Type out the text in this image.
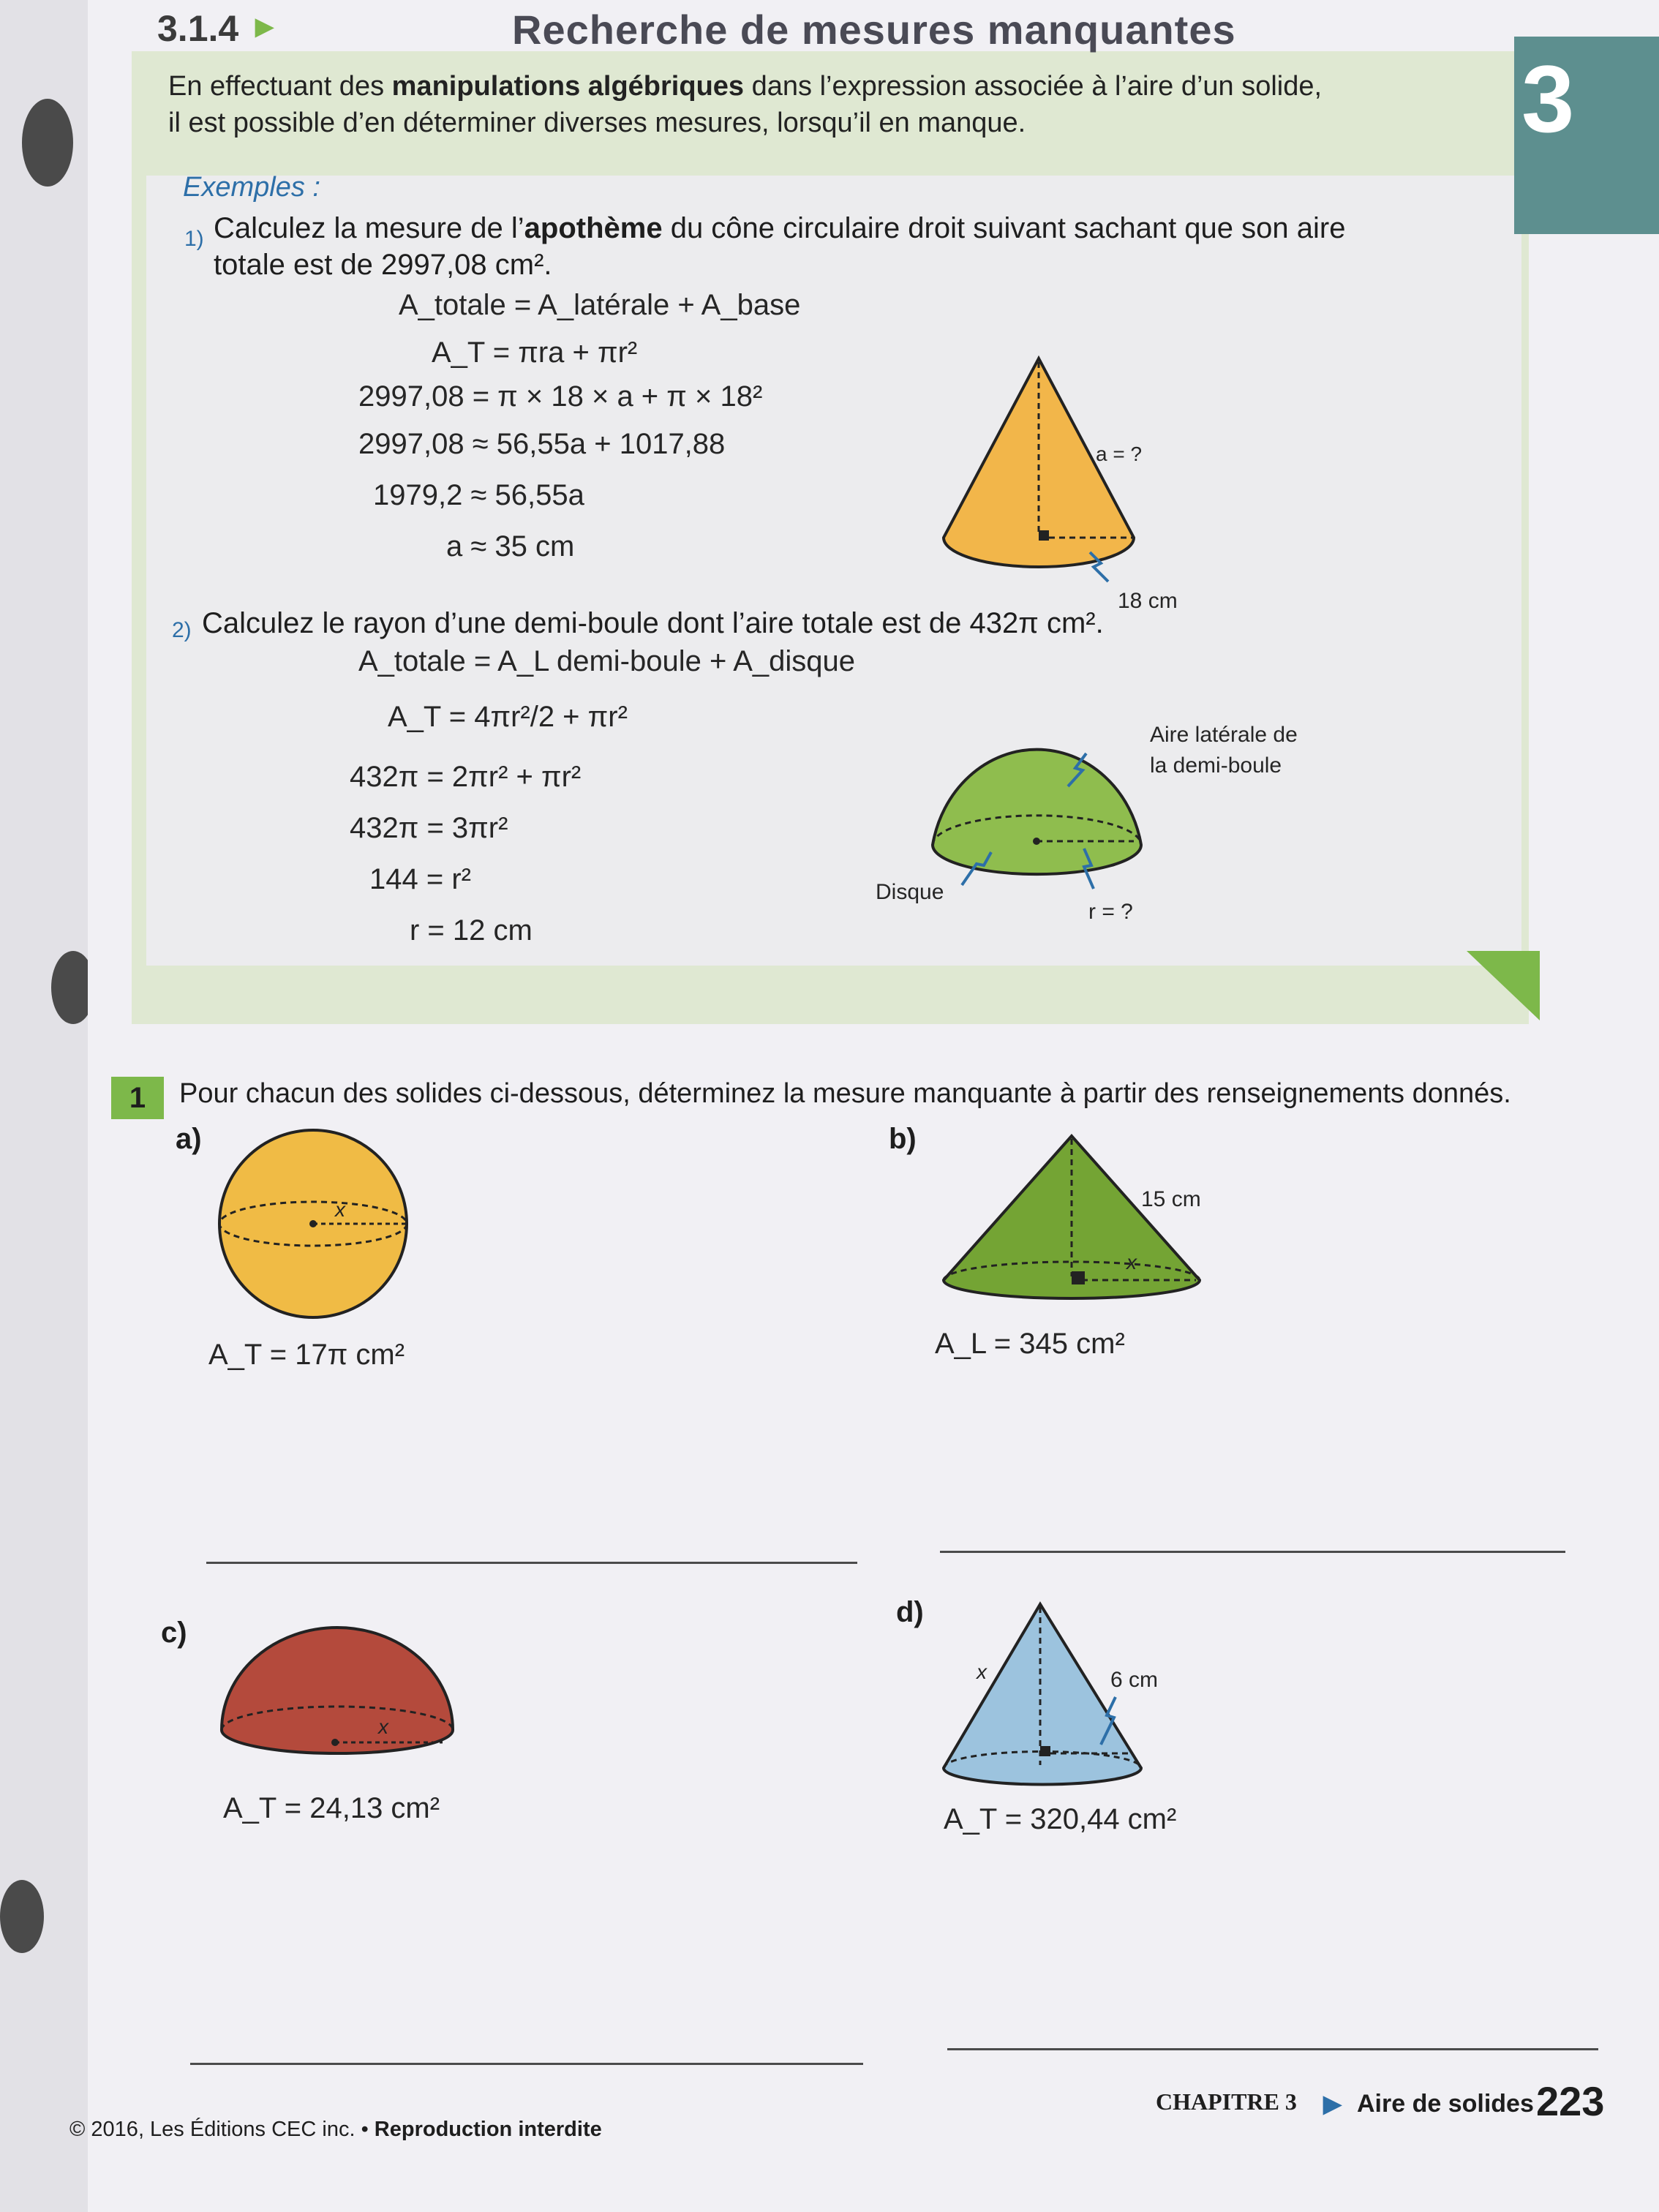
3
3.1.4 ►	Recherche de mesures manquantes
En effectuant des manipulations algébriques dans l’expression associée à l’aire d’un solide,
il est possible d’en déterminer diverses mesures, lorsqu’il en manque.
Exemples :
1) Calculez la mesure de l’apothème du cône circulaire droit suivant sachant que son aire
totale est de 2997,08 cm².
A_totale = A_latérale + A_base
A_T = πra + πr²
2997,08 = π × 18 × a + π × 18²
2997,08 ≈ 56,55a + 1017,88
1979,2 ≈ 56,55a
a ≈ 35 cm
a = ?
18 cm
2) Calculez le rayon d’une demi-boule dont l’aire totale est de 432π cm².
A_totale = A_L demi-boule + A_disque
A_T = 4πr²/2 + πr²
432π = 2πr² + πr²
432π = 3πr²
144 = r²
r = 12 cm
Aire latérale de
la demi-boule
Disque
r = ?
1	Pour chacun des solides ci-dessous, déterminez la mesure manquante à partir des renseignements donnés.
a)
x
A_T = 17π cm²
b)
x
15 cm
A_L = 345 cm²
c)
x
A_T = 24,13 cm²
d)
x	6 cm
A_T = 320,44 cm²
© 2016, Les Éditions CEC inc. • Reproduction interdite
CHAPITRE 3 ► Aire de solides 223
